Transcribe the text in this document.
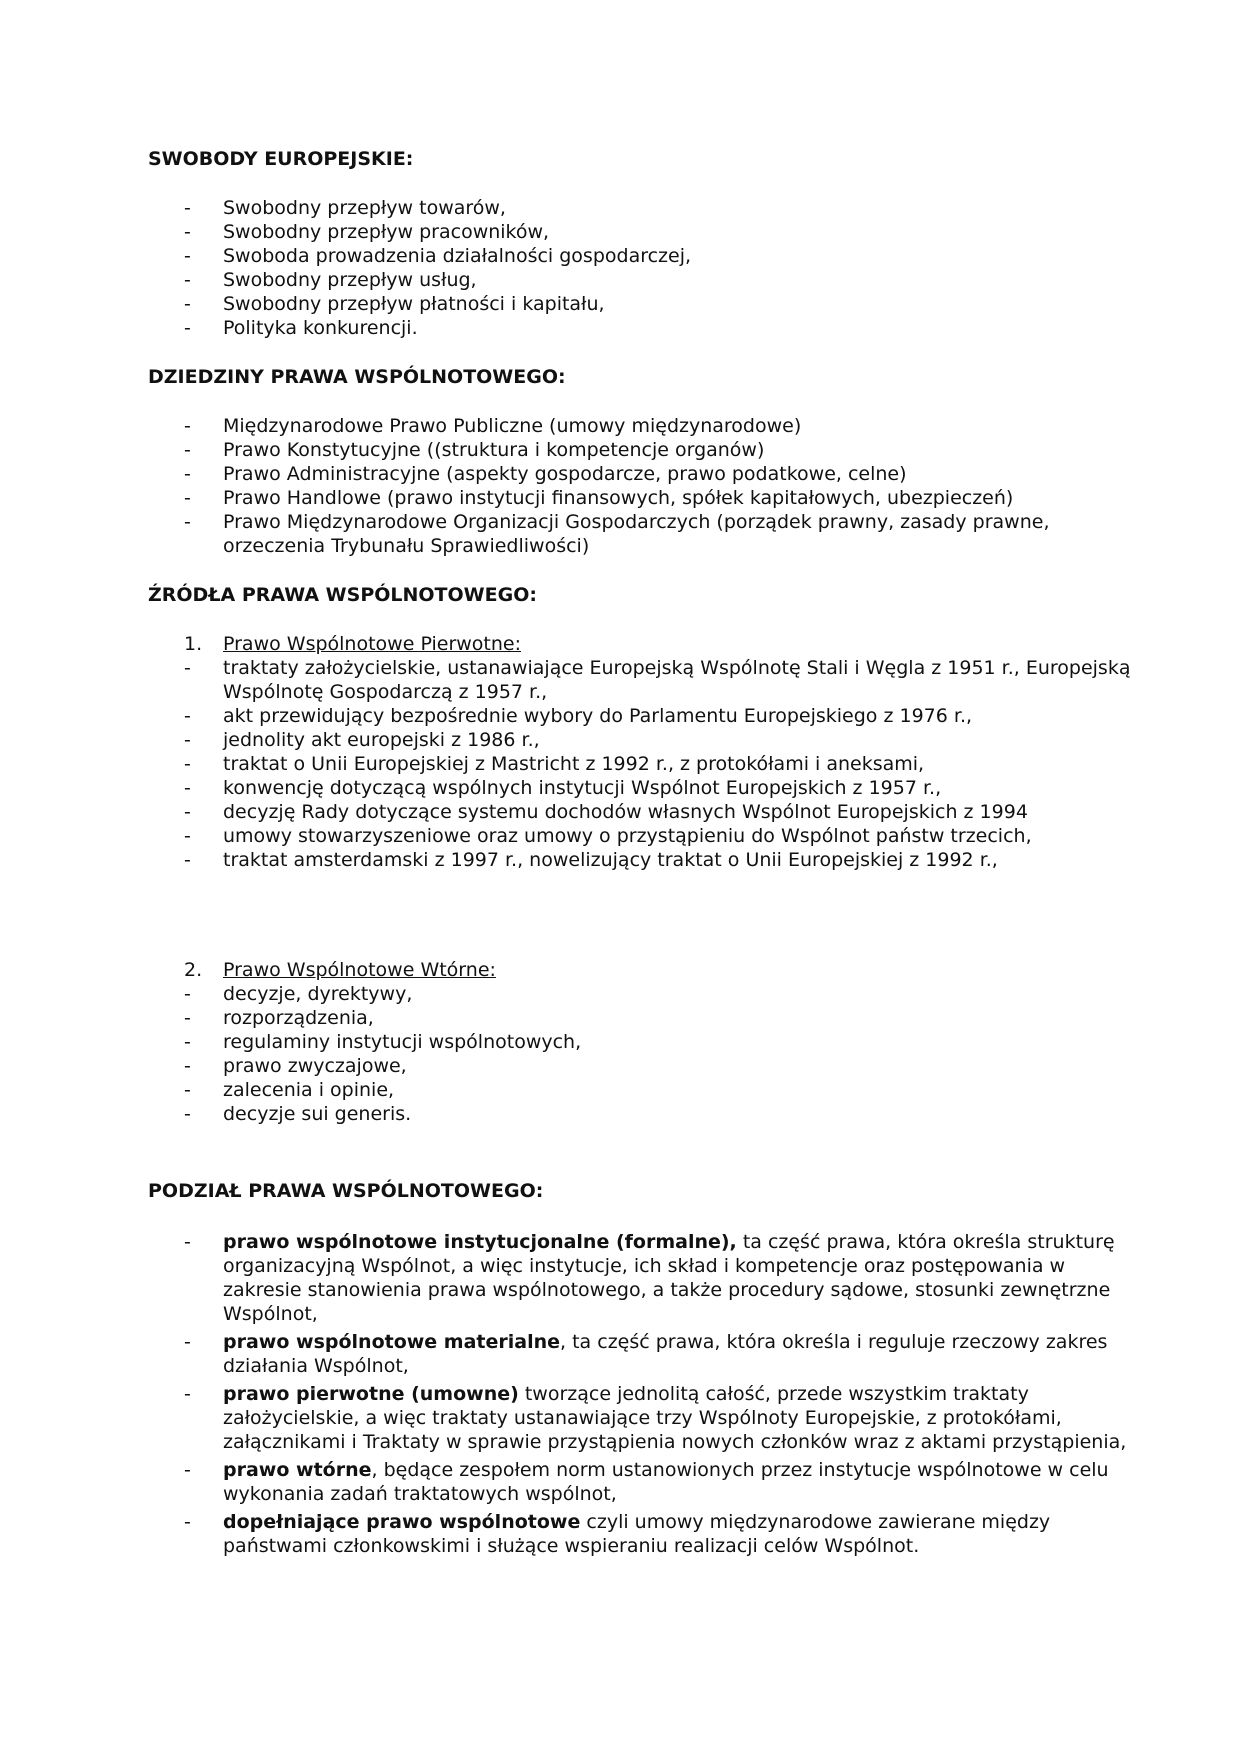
SWOBODY EUROPEJSKIE:
- Swobodny przepływ towarów,
- Swobodny przepływ pracowników,
- Swoboda prowadzenia działalności gospodarczej,
- Swobodny przepływ usług,
- Swobodny przepływ płatności i kapitału,
- Polityka konkurencji.
DZIEDZINY PRAWA WSPÓLNOTOWEGO:
- Międzynarodowe Prawo Publiczne (umowy międzynarodowe)
- Prawo Konstytucyjne ((struktura i kompetencje organów)
- Prawo Administracyjne (aspekty gospodarcze, prawo podatkowe, celne)
- Prawo Handlowe (prawo instytucji finansowych, spółek kapitałowych, ubezpieczeń)
- Prawo Międzynarodowe Organizacji Gospodarczych (porządek prawny, zasady prawne, orzeczenia Trybunału Sprawiedliwości)
ŹRÓDŁA PRAWA WSPÓLNOTOWEGO:
1. Prawo Wspólnotowe Pierwotne:
- traktaty założycielskie, ustanawiające Europejską Wspólnotę Stali i Węgla z 1951 r., Europejską Wspólnotę Gospodarczą z 1957 r.,
- akt przewidujący bezpośrednie wybory do Parlamentu Europejskiego z 1976 r.,
- jednolity akt europejski z 1986 r.,
- traktat o Unii Europejskiej z Mastricht z 1992 r., z protokółami i aneksami,
- konwencję dotyczącą wspólnych instytucji Wspólnot Europejskich z 1957 r.,
- decyzję Rady dotyczące systemu dochodów własnych Wspólnot Europejskich z 1994
- umowy stowarzyszeniowe oraz umowy o przystąpieniu do Wspólnot państw trzecich,
- traktat amsterdamski z 1997 r., nowelizujący traktat o Unii Europejskiej z 1992 r.,
2. Prawo Wspólnotowe Wtórne:
- decyzje, dyrektywy,
- rozporządzenia,
- regulaminy instytucji wspólnotowych,
- prawo zwyczajowe,
- zalecenia i opinie,
- decyzje sui generis.
PODZIAŁ PRAWA WSPÓLNOTOWEGO:
- prawo wspólnotowe instytucjonalne (formalne), ta część prawa, która określa strukturę organizacyjną Wspólnot, a więc instytucje, ich skład i kompetencje oraz postępowania w zakresie stanowienia prawa wspólnotowego, a także procedury sądowe, stosunki zewnętrzne Wspólnot,
- prawo wspólnotowe materialne, ta część prawa, która określa i reguluje rzeczowy zakres działania Wspólnot,
- prawo pierwotne (umowne) tworzące jednolitą całość, przede wszystkim traktaty założycielskie, a więc traktaty ustanawiające trzy Wspólnoty Europejskie, z protokółami, załącznikami i Traktaty w sprawie przystąpienia nowych członków wraz z aktami przystąpienia,
- prawo wtórne, będące zespołem norm ustanowionych przez instytucje wspólnotowe w celu wykonania zadań traktatowych wspólnot,
- dopełniające prawo wspólnotowe czyli umowy międzynarodowe zawierane między państwami członkowskimi i służące wspieraniu realizacji celów Wspólnot.
